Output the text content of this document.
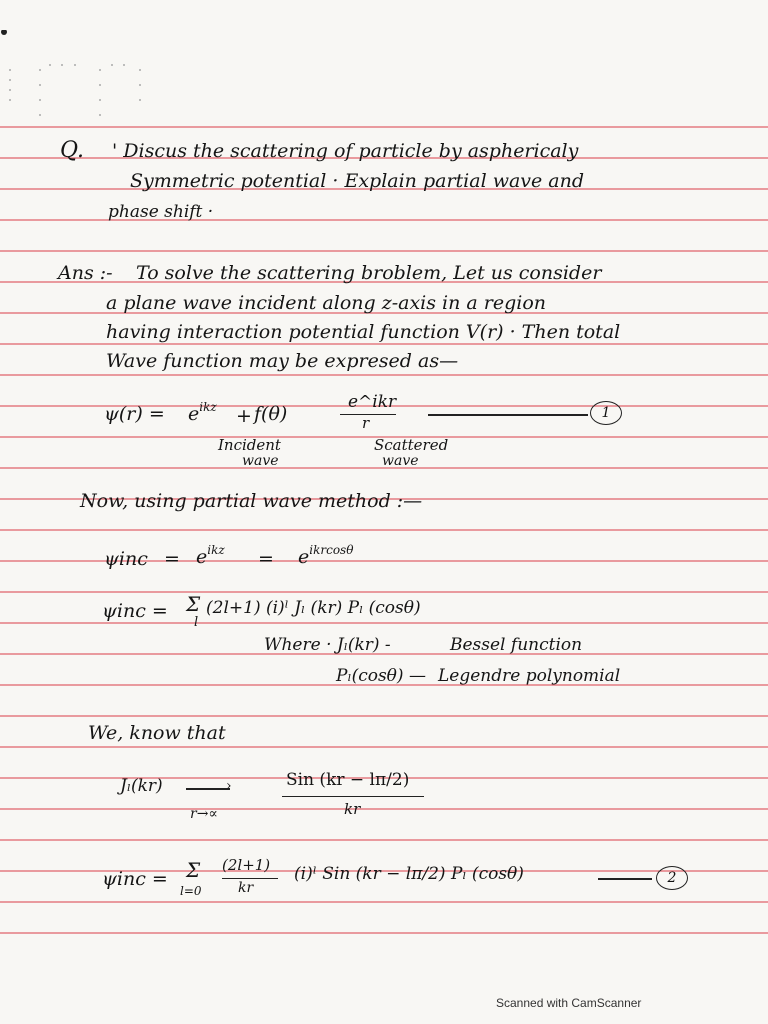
Q. ' Discus the scattering of particle by asphericaly
Symmetric potential · Explain partial wave and
phase shift ·
Ans :- To solve the scattering broblem, Let us consider
a plane wave incident along z-axis in a region
having interaction potential function V(r) · Then total
Wave function may be expresed as—
$\psi(r) = e^{ikz} + f(\theta)$
e^ikr
r
Incident
wave
Scattered
wave
1
Now, using partial wave method :—
$\psi inc = e^{ikz} = e^{ikrcos\theta}$
ψinc = Σ
l
(2l+1) (i)ˡ Jₗ (kr) Pₗ (cosθ)
Where · Jₗ(kr) -	Bessel function
Pₗ(cosθ) — Legendre polynomial
We, know that
Jₗ(kr)	›
r→∝
Sin (kr − lπ/2)
kr
ψinc = Σ
l=0
(2l+1)
kr
(i)ˡ Sin (kr − lπ/2) Pₗ (cosθ)	2
Scanned with CamScanner
